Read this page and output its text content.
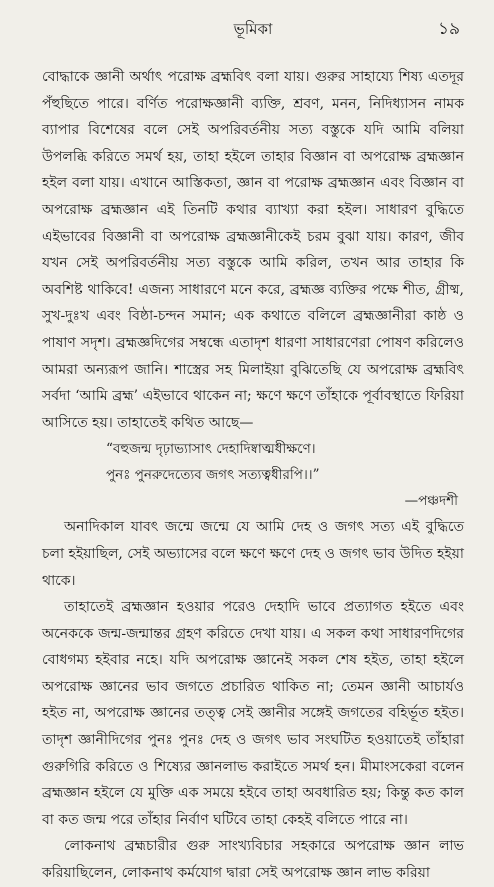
ভূমিকা	১৯

বোদ্ধাকে জ্ঞানী অর্থাৎ পরোক্ষ ব্রহ্মবিৎ বলা যায়। গুরুর সাহায্যে শিষ্য এতদূর পঁহুছিতে পারে। বর্ণিত পরোক্ষজ্ঞানী ব্যক্তি, শ্রবণ, মনন, নিদিধ্যাসন নামক ব্যাপার বিশেষের বলে সেই অপরিবর্তনীয় সত্য বস্তুকে যদি আমি বলিয়া উপলব্ধি করিতে সমর্থ হয়, তাহা হইলে তাহার বিজ্ঞান বা অপরোক্ষ ব্রহ্মজ্ঞান হইল বলা যায়। এখানে আস্তিকতা, জ্ঞান বা পরোক্ষ ব্রহ্মজ্ঞান এবং বিজ্ঞান বা অপরোক্ষ ব্রহ্মজ্ঞান এই তিনটি কথার ব্যাখ্যা করা হইল। সাধারণ বুদ্ধিতে এইভাবের বিজ্ঞানী বা অপরোক্ষ ব্রহ্মজ্ঞানীকেই চরম বুঝা যায়। কারণ, জীব যখন সেই অপরিবর্তনীয় সত্য বস্তুকে আমি করিল, তখন আর তাহার কি অবশিষ্ট থাকিবে! এজন্য সাধারণে মনে করে, ব্রহ্মজ্ঞ ব্যক্তির পক্ষে শীত, গ্রীষ্ম, সুখ-দুঃখ এবং বিষ্ঠা-চন্দন সমান; এক কথাতে বলিলে ব্রহ্মজ্ঞানীরা কাষ্ঠ ও পাষাণ সদৃশ। ব্রহ্মজ্ঞদিগের সম্বন্ধে এতাদৃশ ধারণা সাধারণেরা পোষণ করিলেও আমরা অন্যরূপ জানি। শাস্ত্রের সহ মিলাইয়া বুঝিতেছি যে অপরোক্ষ ব্রহ্মবিৎ সর্বদা ‘আমি ব্রহ্ম’ এইভাবে থাকেন না; ক্ষণে ক্ষণে তাঁহাকে পূর্বাবস্থাতে ফিরিয়া আসিতে হয়। তাহাতেই কথিত আছে—

“বহুজন্ম দৃঢ়াভ্যাসাৎ দেহাদিষ্বাত্মধীক্ষণে।

পুনঃ পুনরুদেত্যেব জগৎ সত্যত্বধীরপি।।”

—পঞ্চদশী

অনাদিকাল যাবৎ জন্মে জন্মে যে আমি দেহ ও জগৎ সত্য এই বুদ্ধিতে চলা হইয়াছিল, সেই অভ্যাসের বলে ক্ষণে ক্ষণে দেহ ও জগৎ ভাব উদিত হইয়া থাকে।

তাহাতেই ব্রহ্মজ্ঞান হওয়ার পরেও দেহাদি ভাবে প্রত্যাগত হইতে এবং অনেককে জন্ম-জন্মান্তর গ্রহণ করিতে দেখা যায়। এ সকল কথা সাধারণদিগের বোধগম্য হইবার নহে। যদি অপরোক্ষ জ্ঞানেই সকল শেষ হইত, তাহা হইলে অপরোক্ষ জ্ঞানের ভাব জগতে প্রচারিত থাকিত না; তেমন জ্ঞানী আচার্যও হইত না, অপরোক্ষ জ্ঞানের তত্ত্ব সেই জ্ঞানীর সঙ্গেই জগতের বহির্ভূত হইত। তাদৃশ জ্ঞানীদিগের পুনঃ পুনঃ দেহ ও জগৎ ভাব সংঘটিত হওয়াতেই তাঁহারা গুরুগিরি করিতে ও শিষ্যের জ্ঞানলাভ করাইতে সমর্থ হন। মীমাংসকেরা বলেন ব্রহ্মজ্ঞান হইলে যে মুক্তি এক সময়ে হইবে তাহা অবধারিত হয়; কিন্তু কত কাল বা কত জন্ম পরে তাঁহার নির্বাণ ঘটিবে তাহা কেহই বলিতে পারে না।

লোকনাথ ব্রহ্মচারীর গুরু সাংখ্যবিচার সহকারে অপরোক্ষ জ্ঞান লাভ করিয়াছিলেন, লোকনাথ কর্মযোগ দ্বারা সেই অপরোক্ষ জ্ঞান লাভ করিয়া
